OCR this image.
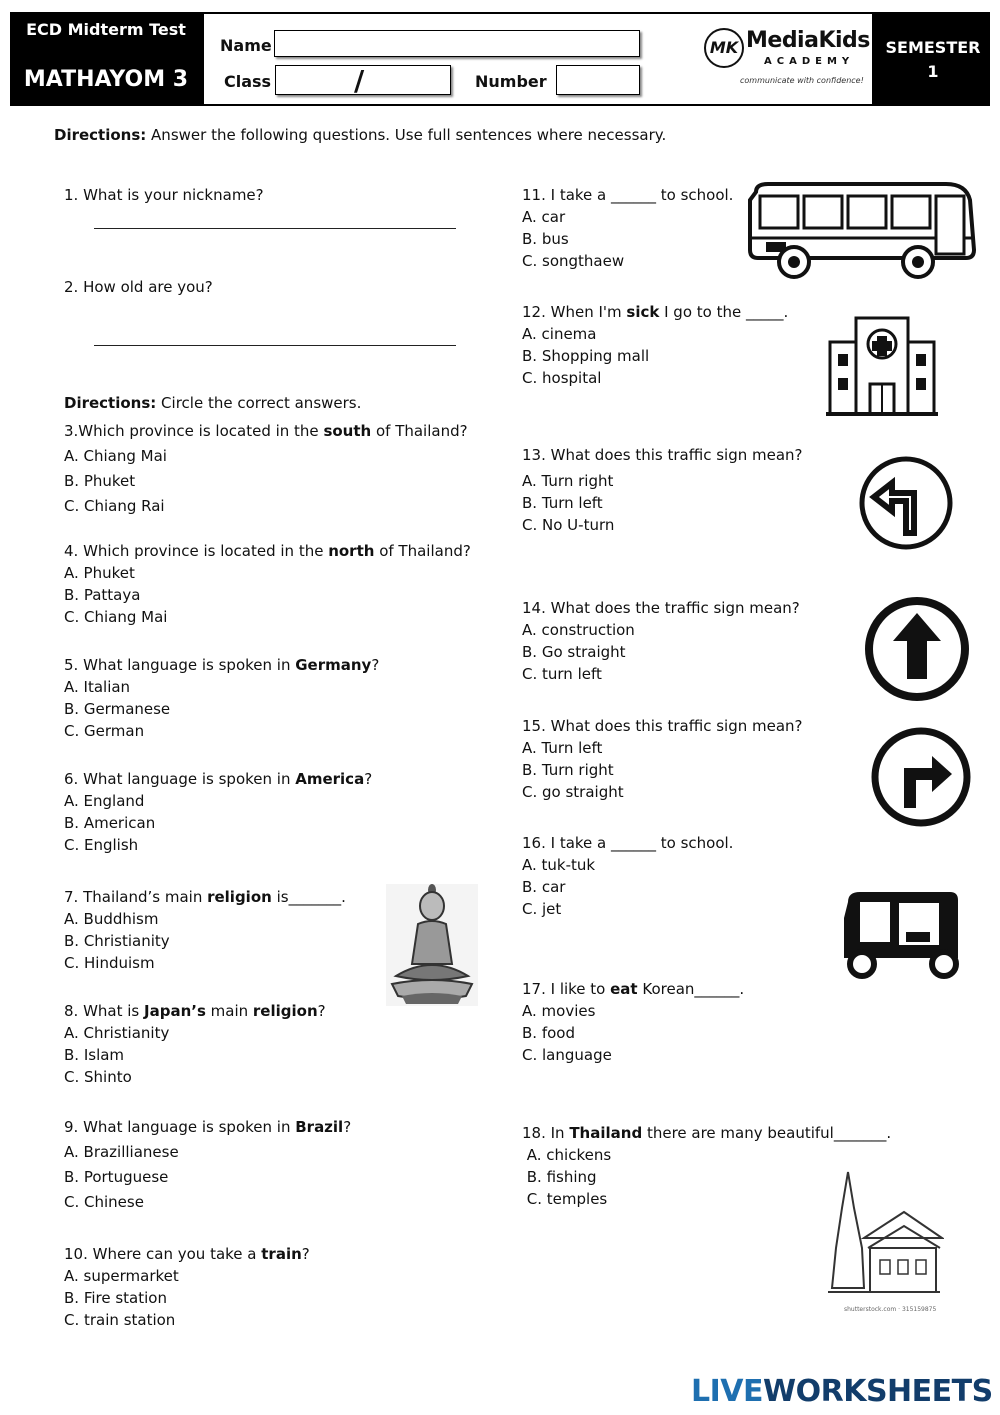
ECD Midterm Test
MATHAYOM 3
Name
Class	/	Number
MK MediaKids
ACADEMY
communicate with confidence!
SEMESTER
1
Directions: Answer the following questions. Use full sentences where necessary.
1. What is your nickname?
2. How old are you?
Directions: Circle the correct answers.
3.Which province is located in the south of Thailand?
A. Chiang Mai
B. Phuket
C. Chiang Rai
4. Which province is located in the north of Thailand?
A. Phuket
B. Pattaya
C. Chiang Mai
5. What language is spoken in Germany?
A. Italian
B. Germanese
C. German
6. What language is spoken in America?
A. England
B. American
C. English
7. Thailand’s main religion is_______.
A. Buddhism
B. Christianity
C. Hinduism
8. What is Japan’s main religion?
A. Christianity
B. Islam
C. Shinto
9. What language is spoken in Brazil?
A. Brazillianese
B. Portuguese
C. Chinese
10. Where can you take a train?
A. supermarket
B. Fire station
C. train station
11. I take a ______ to school.
A. car
B. bus
C. songthaew
12. When I'm sick I go to the _____.
A. cinema
B. Shopping mall
C. hospital
13. What does this traffic sign mean?
A. Turn right
B. Turn left
C. No U-turn
14. What does the traffic sign mean?
A. construction
B. Go straight
C. turn left
15. What does this traffic sign mean?
A. Turn left
B. Turn right
C. go straight
16. I take a ______ to school.
A. tuk-tuk
B. car
C. jet
17. I like to eat Korean______.
A. movies
B. food
C. language
18. In Thailand there are many beautiful_______.
A. chickens
B. fishing
C. temples
shutterstock.com · 315159875
LIVEWORKSHEETS
